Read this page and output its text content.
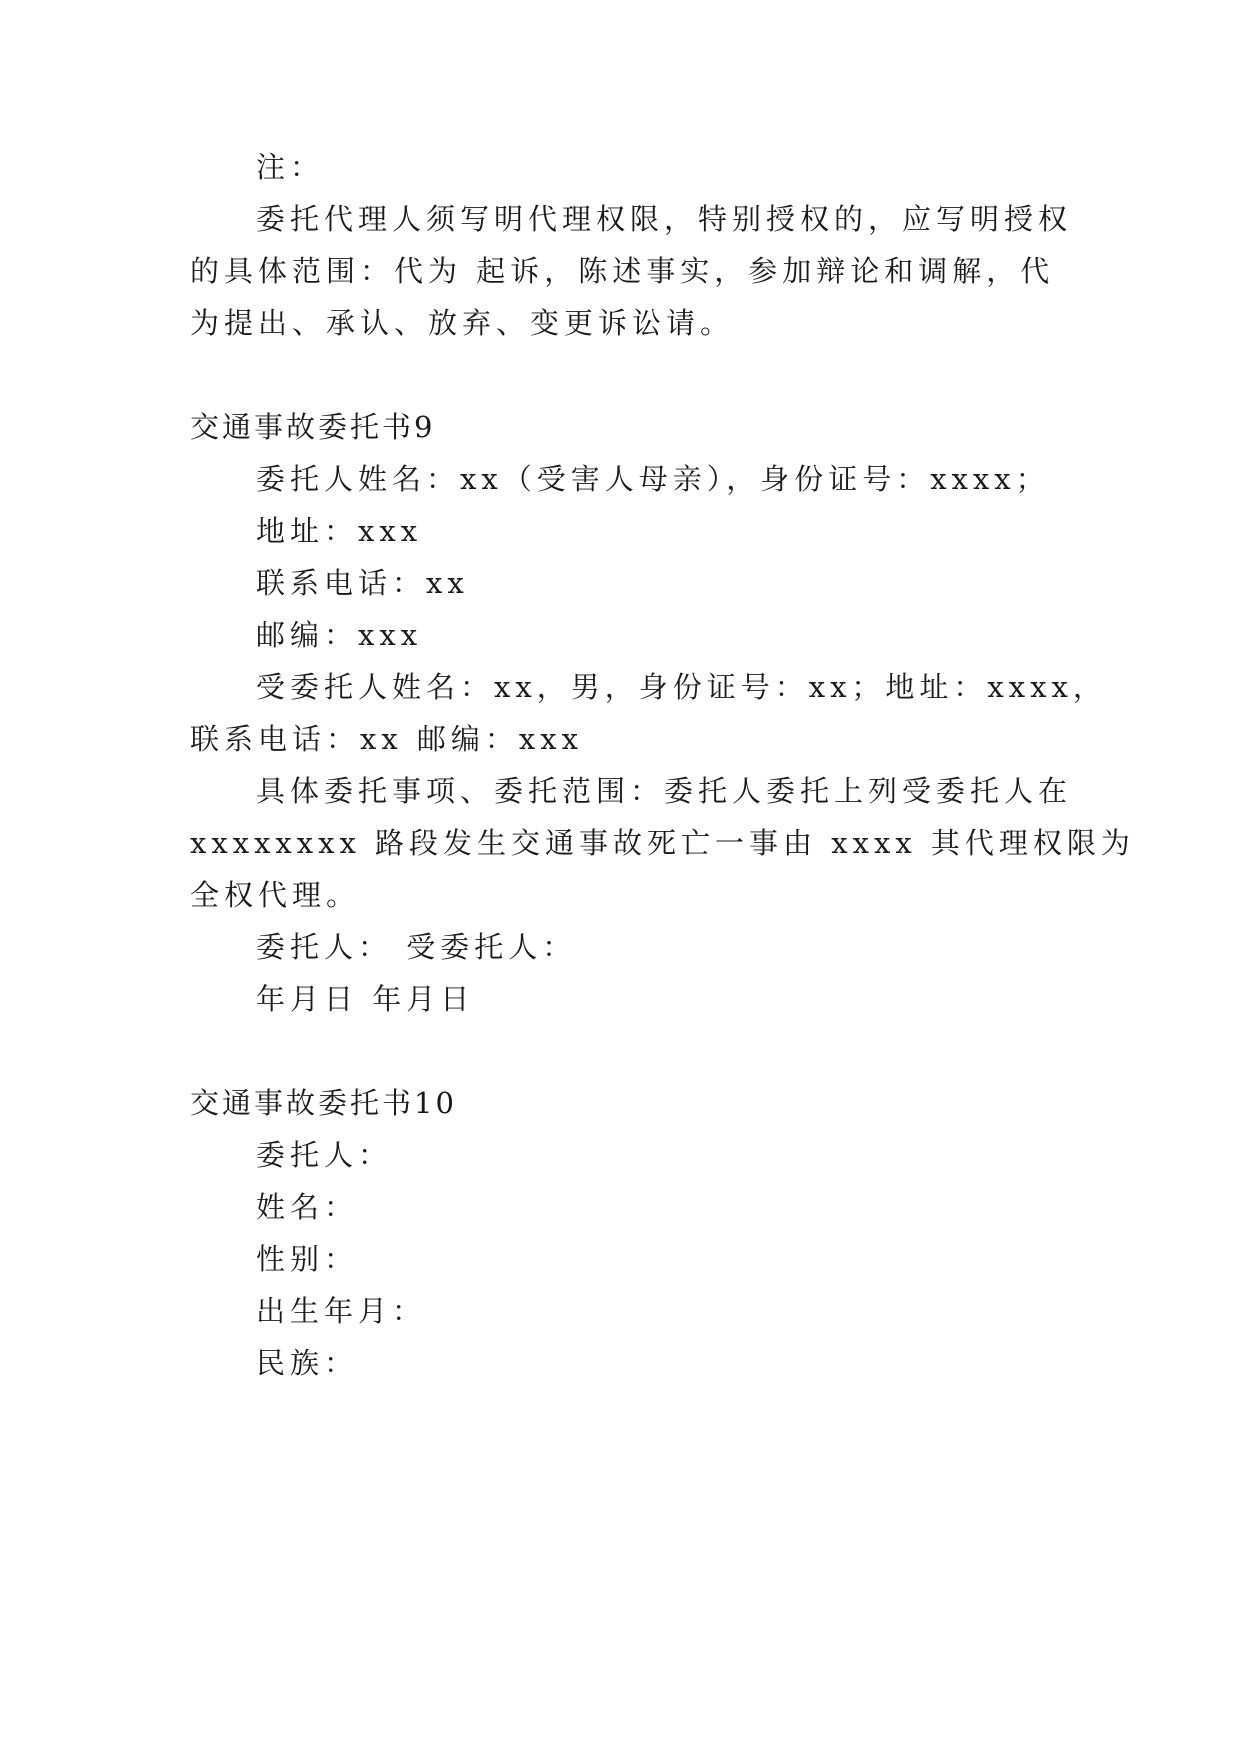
注：
委托代理人须写明代理权限，特别授权的，应写明授权
的具体范围：代为 起诉，陈述事实，参加辩论和调解，代
为提出、承认、放弃、变更诉讼请。
交通事故委托书9
委托人姓名：xx（受害人母亲），身份证号：xxxx；
地址：xxx
联系电话：xx
邮编：xxx
受委托人姓名：xx，男，身份证号：xx；地址：xxxx，
联系电话：xx 邮编：xxx
具体委托事项、委托范围：委托人委托上列受委托人在
xxxxxxxx 路段发生交通事故死亡一事由 xxxx 其代理权限为
全权代理。
委托人： 受委托人：
年月日 年月日
交通事故委托书10
委托人：
姓名：
性别：
出生年月：
民族：
